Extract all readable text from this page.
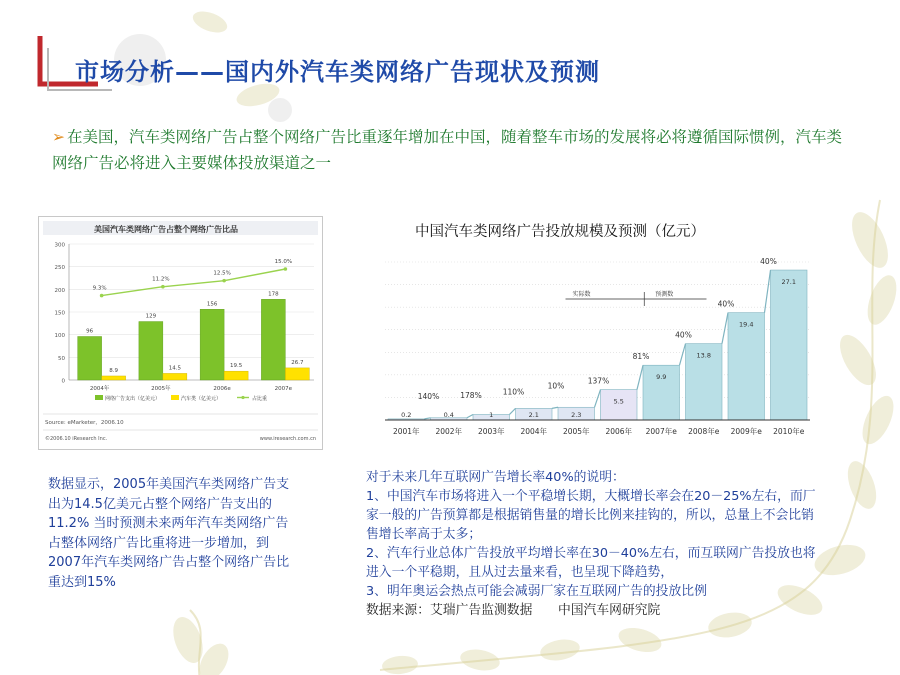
市场分析——国内外汽车类网络广告现状及预测
➢ 在美国，汽车类网络广告占整个网络广告比重逐年增加在中国，随着整车市场的发展将必将遵循国际惯例，汽车类网络广告必将进入主要媒体投放渠道之一
美国汽车类网络广告占整个网络广告比品
300
250
200
150
100
50
0
96
8.9
2004年
129
14.5
2005年
156
19.5
2006e
178
26.7
2007e
9.3%
11.2%
12.5%
15.0%
网络广告支出（亿美元）	汽车类（亿美元）	占比重
Source: eMarketer，2006.10
©2006.10 iResearch Inc.	www.iresearch.com.cn
中国汽车类网络广告投放规模及预测（亿元）
0.2
2001年
0.4
2002年
140%
1
2003年
178%
2.1
2004年
110%
2.3
2005年
10%
5.5
2006年
137%	9.9
2007年e
81%	13.8
2008年e
40%
19.4
2009年e
40%
27.1
2010年e
40%
实际数	预测数
数据显示，2005年美国汽车类网络广告支出为14.5亿美元占整个网络广告支出的11.2% 当时预测未来两年汽车类网络广告占整体网络广告比重将进一步增加，到2007年汽车类网络广告占整个网络广告比重达到15%

对于未来几年互联网广告增长率40%的说明：

1、中国汽车市场将进入一个平稳增长期，大概增长率会在20－25%左右，而厂家一般的广告预算都是根据销售量的增长比例来挂钩的，所以，总量上不会比销售增长率高于太多；

2、汽车行业总体广告投放平均增长率在30－40%左右，而互联网广告投放也将进入一个平稳期，且从过去量来看，也呈现下降趋势，

3、明年奥运会热点可能会减弱厂家在互联网广告的投放比例

数据来源：艾瑞广告监测数据　　中国汽车网研究院
